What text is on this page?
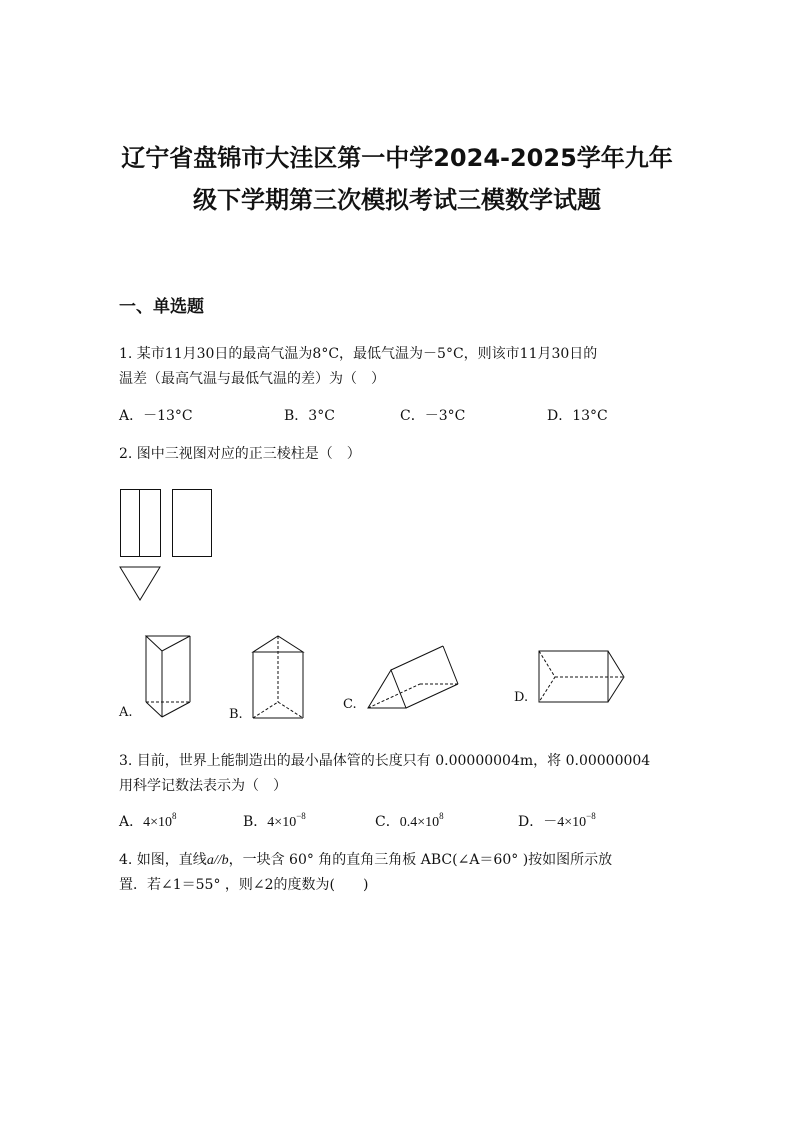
辽宁省盘锦市大洼区第一中学2024-2025学年九年
级下学期第三次模拟考试三模数学试题
一、单选题
1. 某市11月30日的最高气温为8°C，最低气温为－5°C，则该市11月30日的
温差（最高气温与最低气温的差）为（　）
A．－13°C	B．3°C	C．－3°C	D．13°C
2. 图中三视图对应的正三棱柱是（　）
A.	B.
C.	D.
3. 目前，世界上能制造出的最小晶体管的长度只有 0.00000004m，将 0.00000004
用科学记数法表示为（　）
A．$4\times 10^8$	B．$4\times 10^{-8}$	C．$0.4\times 10^8$	D．$-4\times 10^{-8}$
4. 如图，直线a//b，一块含 60° 角的直角三角板 ABC(∠A＝60° )按如图所示放
置．若∠1＝55° ，则∠2的度数为(　　)
